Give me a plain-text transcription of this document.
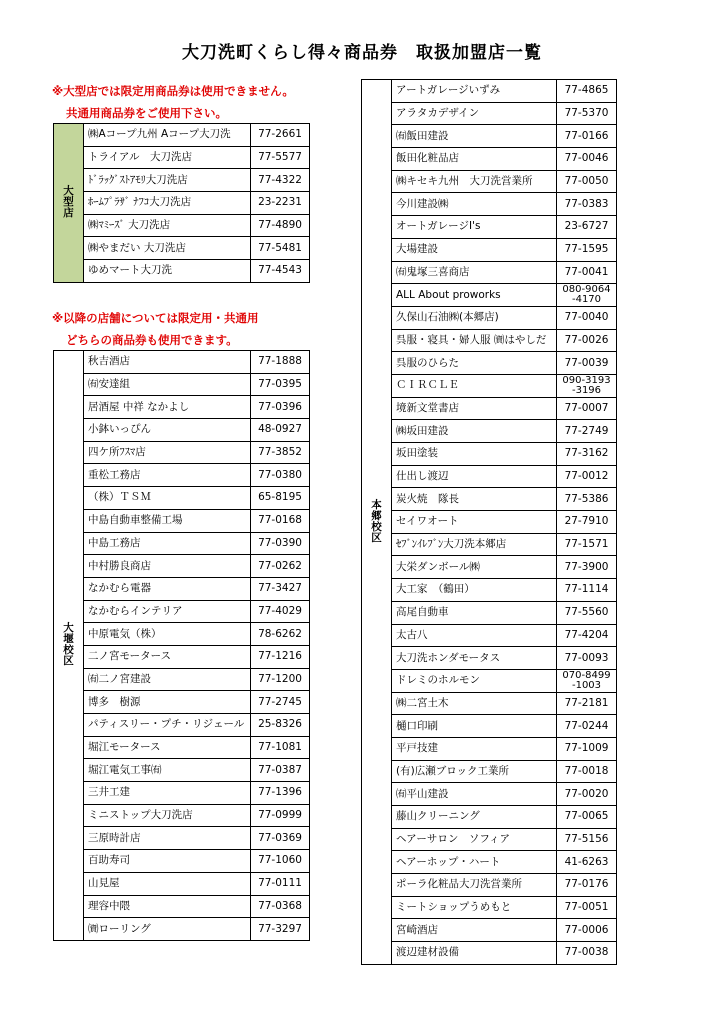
大刀洗町くらし得々商品券　取扱加盟店一覧
※大型店では限定用商品券は使用できません。
共通用商品券をご使用下さい。
※以降の店舗については限定用・共通用
どちらの商品券も使用できます。
大
型
店	㈱Aコープ九州 Aコープ大刀洗	77-2661
	トライアル　大刀洗店	77-5577
	ﾄﾞﾗｯｸﾞｽﾄｱﾓﾘ大刀洗店	77-4322
	ﾎｰﾑﾌﾟﾗｻﾞ ﾅﾌｺ大刀洗店	23-2231
	㈱ﾏﾐｰｽﾞ 大刀洗店	77-4890
	㈱やまだい 大刀洗店	77-5481
	ゆめマート大刀洗	77-4543
大
堰
校
区	秋吉酒店	77-1888
	㈲安達組	77-0395
	居酒屋 中祥 なかよし	77-0396
	小鉢いっぴん	48-0927
	四ケ所ﾌｽﾏ店	77-3852
	重松工務店	77-0380
	（株）ＴＳＭ	65-8195
	中島自動車整備工場	77-0168
	中島工務店	77-0390
	中村勝良商店	77-0262
	なかむら電器	77-3427
	なかむらインテリア	77-4029
	中原電気（株）	78-6262
	二ノ宮モータース	77-1216
	㈲二ノ宮建設	77-1200
	博多　樹源	77-2745
	パティスリー・プチ・リジェール	25-8326
	堀江モータース	77-1081
	堀江電気工事㈲	77-0387
	三井工建	77-1396
	ミニストップ大刀洗店	77-0999
	三原時計店	77-0369
	百助寿司	77-1060
	山見屋	77-0111
	理容中隈	77-0368
	㈾ローリング	77-3297
本
郷
校
区	アートガレージいずみ	77-4865
	アラタカデザイン	77-5370
	㈲飯田建設	77-0166
	飯田化粧品店	77-0046
	㈱キセキ九州　大刀洗営業所	77-0050
	今川建設㈱	77-0383
	オートガレージI's	23-6727
	大場建設	77-1595
	㈲鬼塚三喜商店	77-0041
	ALL About proworks	080-9064
-4170
	久保山石油㈱(本郷店)	77-0040
	呉服・寝具・婦人服 ㈾はやしだ	77-0026
	呉服のひらた	77-0039
	ＣＩＲＣＬＥ	090-3193
-3196
	境新文堂書店	77-0007
	㈱坂田建設	77-2749
	坂田塗装	77-3162
	仕出し渡辺	77-0012
	炭火焼　隊長	77-5386
	セイワオート	27-7910
	ｾﾌﾞﾝｲﾚﾌﾞﾝ大刀洗本郷店	77-1571
	大栄ダンボール㈱	77-3900
	大工家　（鶴田）	77-1114
	高尾自動車	77-5560
	太古八	77-4204
	大刀洗ホンダモータス	77-0093
	ドレミのホルモン	070-8499
-1003
	㈱二宮土木	77-2181
	樋口印刷	77-0244
	平戸技建	77-1009
	(有)広瀬ブロック工業所	77-0018
	㈲平山建設	77-0020
	藤山クリーニング	77-0065
	ヘアーサロン　ソフィア	77-5156
	ヘアーホップ・ハート	41-6263
	ポーラ化粧品大刀洗営業所	77-0176
	ミートショップうめもと	77-0051
	宮崎酒店	77-0006
	渡辺建材設備	77-0038
